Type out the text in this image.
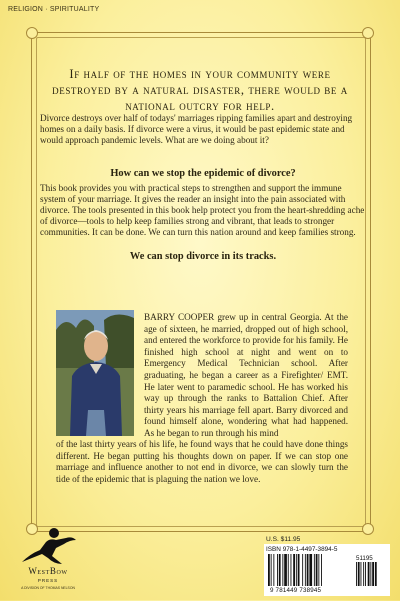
RELIGION · SPIRITUALITY
If half of the homes in your community were destroyed by a natural disaster, there would be a national outcry for help.
Divorce destroys over half of todays' marriages ripping families apart and destroying homes on a daily basis. If divorce were a virus, it would be past epidemic state and would approach pandemic levels. What are we doing about it?
How can we stop the epidemic of divorce?
This book provides you with practical steps to strengthen and support the immune system of your marriage. It gives the reader an insight into the pain associated with divorce. The tools presented in this book help protect you from the heart-shredding ache of divorce—tools to help keep families strong and vibrant, that leads to stronger communities. It can be done. We can turn this nation around and keep families strong.
We can stop divorce in its tracks.
BARRY COOPER grew up in central Georgia. At the age of sixteen, he married, dropped out of high school, and entered the workforce to provide for his family. He finished high school at night and went on to Emergency Medical Technician school. After graduating, he began a career as a Firefighter/ EMT. He later went to paramedic school. He has worked his way up through the ranks to Battalion Chief. After thirty years his marriage fell apart. Barry divorced and found himself alone, wondering what had happened. As he began to run through his mind
of the last thirty years of his life, he found ways that he could have done things different. He began putting his thoughts down on paper. If we can stop one marriage and influence another to not end in divorce, we can slowly turn the tide of the epidemic that is plaguing the nation we love.
WestBow
PRESS
A DIVISION OF THOMAS NELSON
U.S. $11.95
ISBN 978-1-4497-3894-5
51195
9 781449 738945
